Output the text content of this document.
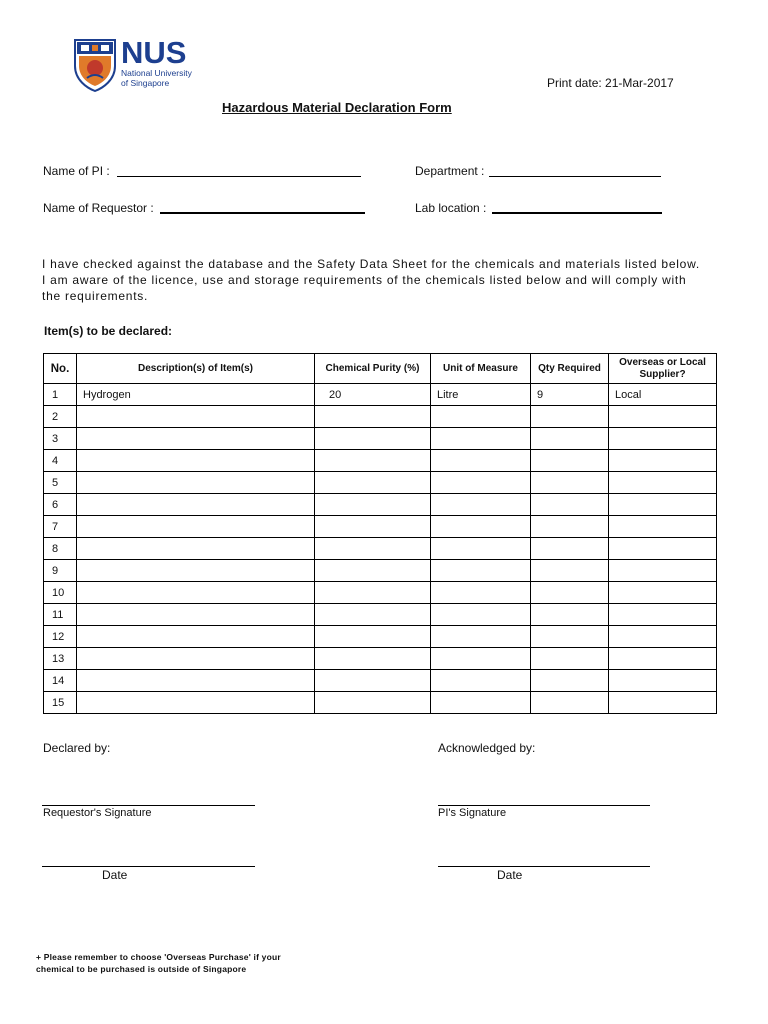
NUS
National University
of Singapore	Print date: 21-Mar-2017
Hazardous Material Declaration Form
Name of PI :	Department :
Name of Requestor :	Lab location :
I have checked against the database and the Safety Data Sheet for the chemicals and materials listed below. I am aware of the licence, use and storage requirements of the chemicals listed below and will comply with the requirements.
Item(s) to be declared:
No.	Description(s) of Item(s)	Chemical Purity (%)	Unit of Measure	Qty Required	Overseas or Local Supplier?
1	Hydrogen	20	Litre	9	Local
2					
3					
4					
5					
6					
7					
8					
9					
10					
11					
12					
13					
14					
15					
Declared by:	Acknowledged by:
Requestor's Signature	PI's Signature
Date	Date
+ Please remember to choose 'Overseas Purchase' if your
chemical to be purchased is outside of Singapore
